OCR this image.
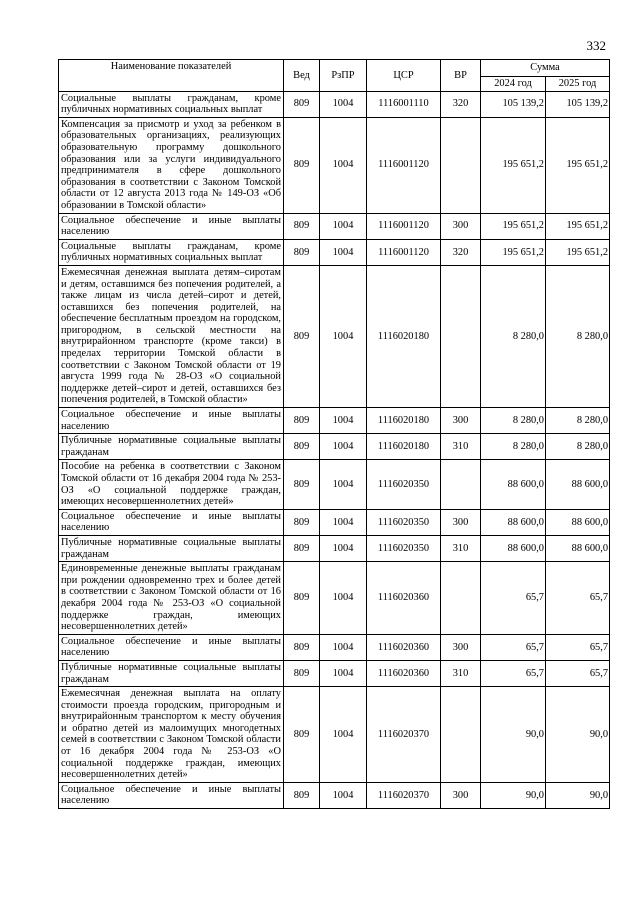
332
Наименование показателей	Вед	РзПР	ЦСР	ВР	Сумма	
					2024 год	2025 год
Социальные выплаты гражданам, кроме публичных нормативных социальных выплат	809	1004	1116001110	320	105 139,2	105 139,2
Компенсация за присмотр и уход за ребенком в образовательных организациях, реализующих образовательную программу дошкольного образования или за услуги индивидуального предпринимателя в сфере дошкольного образования в соответствии с Законом Томской области от 12 августа 2013 года № 149-ОЗ «Об образовании в Томской области»	809	1004	1116001120		195 651,2	195 651,2
Социальное обеспечение и иные выплаты населению	809	1004	1116001120	300	195 651,2	195 651,2
Социальные выплаты гражданам, кроме публичных нормативных социальных выплат	809	1004	1116001120	320	195 651,2	195 651,2
Ежемесячная денежная выплата детям–сиротам и детям, оставшимся без попечения родителей, а также лицам из числа детей–сирот и детей, оставшихся без попечения родителей, на обеспечение бесплатным проездом на городском, пригородном, в сельской местности на внутрирайонном транспорте (кроме такси) в пределах территории Томской области в соответствии с Законом Томской области от 19 августа 1999 года № 28-ОЗ «О социальной поддержке детей–сирот и детей, оставшихся без попечения родителей, в Томской области»	809	1004	1116020180		8 280,0	8 280,0
Социальное обеспечение и иные выплаты населению	809	1004	1116020180	300	8 280,0	8 280,0
Публичные нормативные социальные выплаты гражданам	809	1004	1116020180	310	8 280,0	8 280,0
Пособие на ребенка в соответствии с Законом Томской области от 16 декабря 2004 года № 253-ОЗ «О социальной поддержке граждан, имеющих несовершеннолетних детей»	809	1004	1116020350		88 600,0	88 600,0
Социальное обеспечение и иные выплаты населению	809	1004	1116020350	300	88 600,0	88 600,0
Публичные нормативные социальные выплаты гражданам	809	1004	1116020350	310	88 600,0	88 600,0
Единовременные денежные выплаты гражданам при рождении одновременно трех и более детей в соответствии с Законом Томской области от 16 декабря 2004 года № 253-ОЗ «О социальной поддержке граждан, имеющих несовершеннолетних детей»	809	1004	1116020360		65,7	65,7
Социальное обеспечение и иные выплаты населению	809	1004	1116020360	300	65,7	65,7
Публичные нормативные социальные выплаты гражданам	809	1004	1116020360	310	65,7	65,7
Ежемесячная денежная выплата на оплату стоимости проезда городским, пригородным и внутрирайонным транспортом к месту обучения и обратно детей из малоимущих многодетных семей в соответствии с Законом Томской области от 16 декабря 2004 года № 253-ОЗ «О социальной поддержке граждан, имеющих несовершеннолетних детей»	809	1004	1116020370		90,0	90,0
Социальное обеспечение и иные выплаты населению	809	1004	1116020370	300	90,0	90,0
